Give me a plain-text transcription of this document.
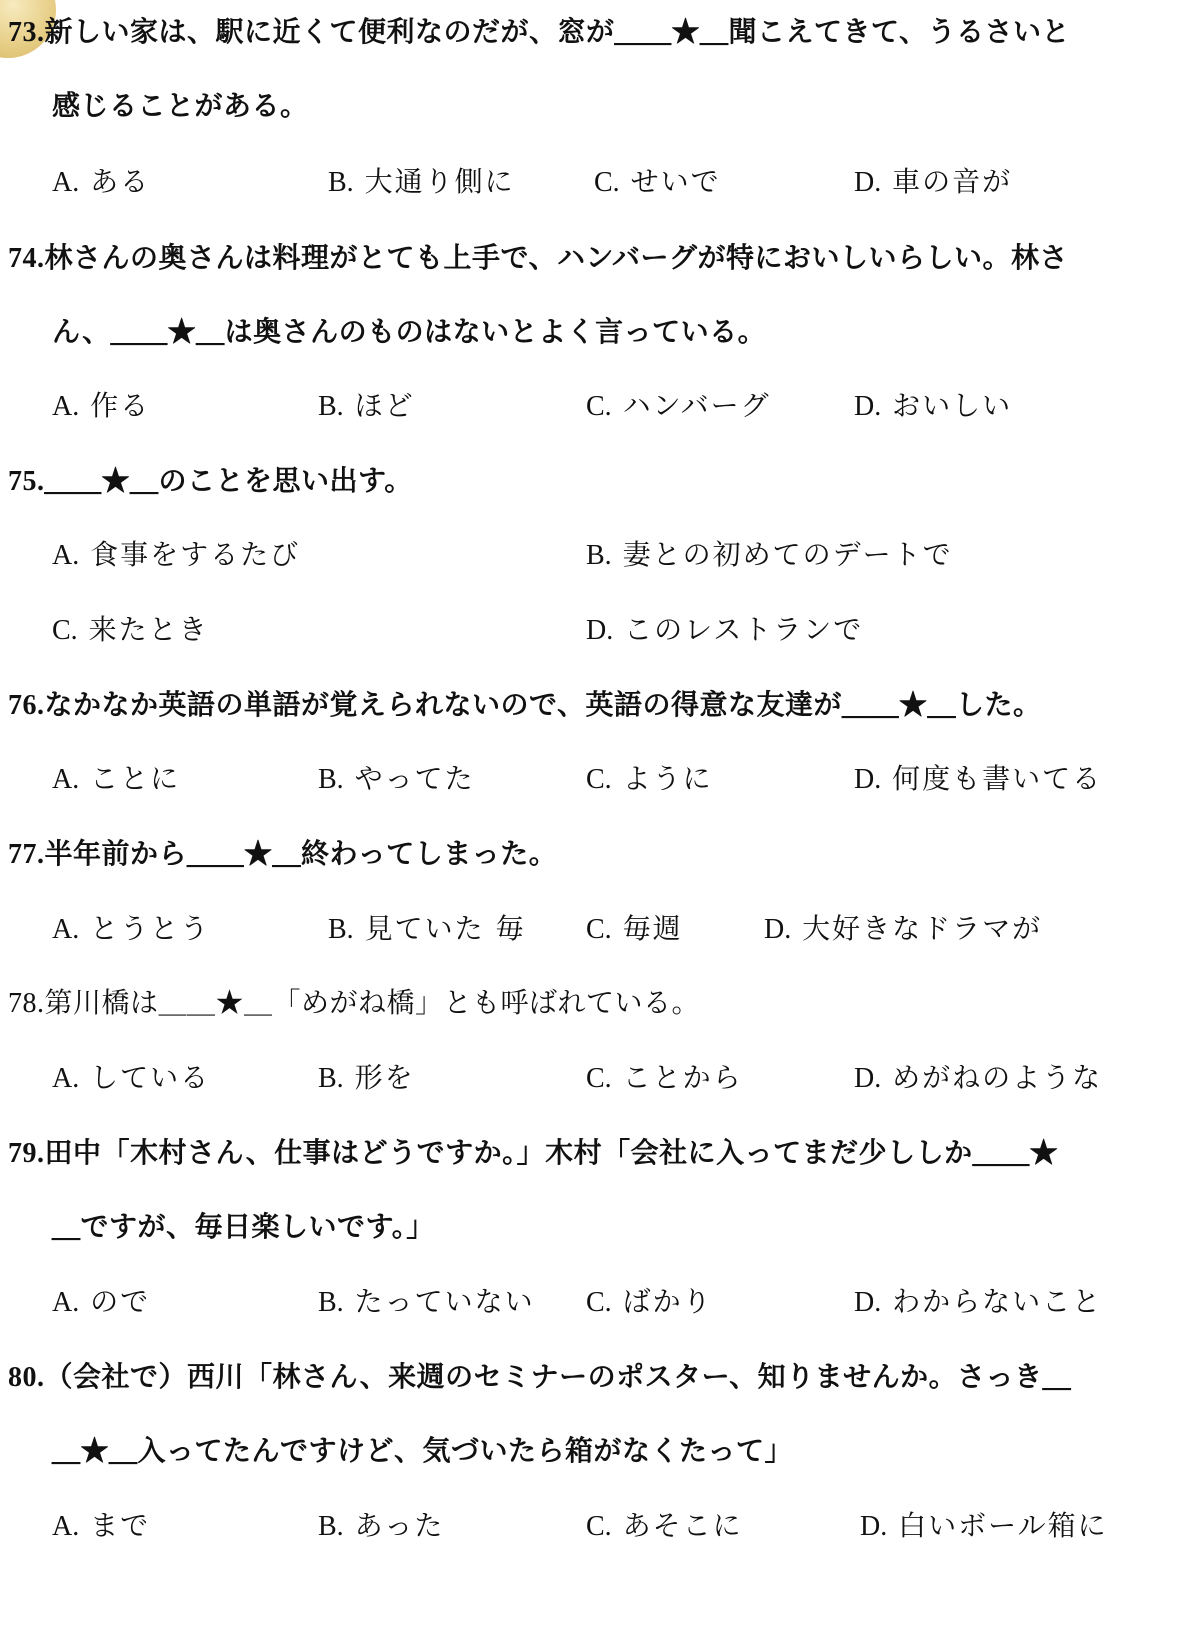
73.新しい家は、駅に近くて便利なのだが、窓が＿＿★＿聞こえてきて、うるさいと
感じることがある。
A. ある	B. 大通り側に	C. せいで	D. 車の音が
74.林さんの奥さんは料理がとても上手で、ハンバーグが特においしいらしい。林さ
ん、＿＿★＿は奥さんのものはないとよく言っている。
A. 作る	B. ほど	C. ハンバーグ	D. おいしい
75.＿＿★＿のことを思い出す。
A. 食事をするたび	B. 妻との初めてのデートで
C. 来たとき	D. このレストランで
76.なかなか英語の単語が覚えられないので、英語の得意な友達が＿＿★＿した。
A. ことに	B. やってた	C. ように	D. 何度も書いてる
77.半年前から＿＿★＿終わってしまった。
A. とうとう	B. 見ていた 毎 C. 毎週	D. 大好きなドラマが
78.第川橋は＿＿★＿「めがね橋」とも呼ばれている。
A. している	B. 形を	C. ことから	D. めがねのような
79.田中「木村さん、仕事はどうですか。」木村「会社に入ってまだ少ししか＿＿★
＿ですが、毎日楽しいです。」
A. ので	B. たっていない C. ばかり	D. わからないこと
80.（会社で）西川「林さん、来週のセミナーのポスター、知りませんか。さっき＿
＿★＿入ってたんですけど、気づいたら箱がなくたって」
A. まで	B. あった	C. あそこに	D. 白いボール箱に
